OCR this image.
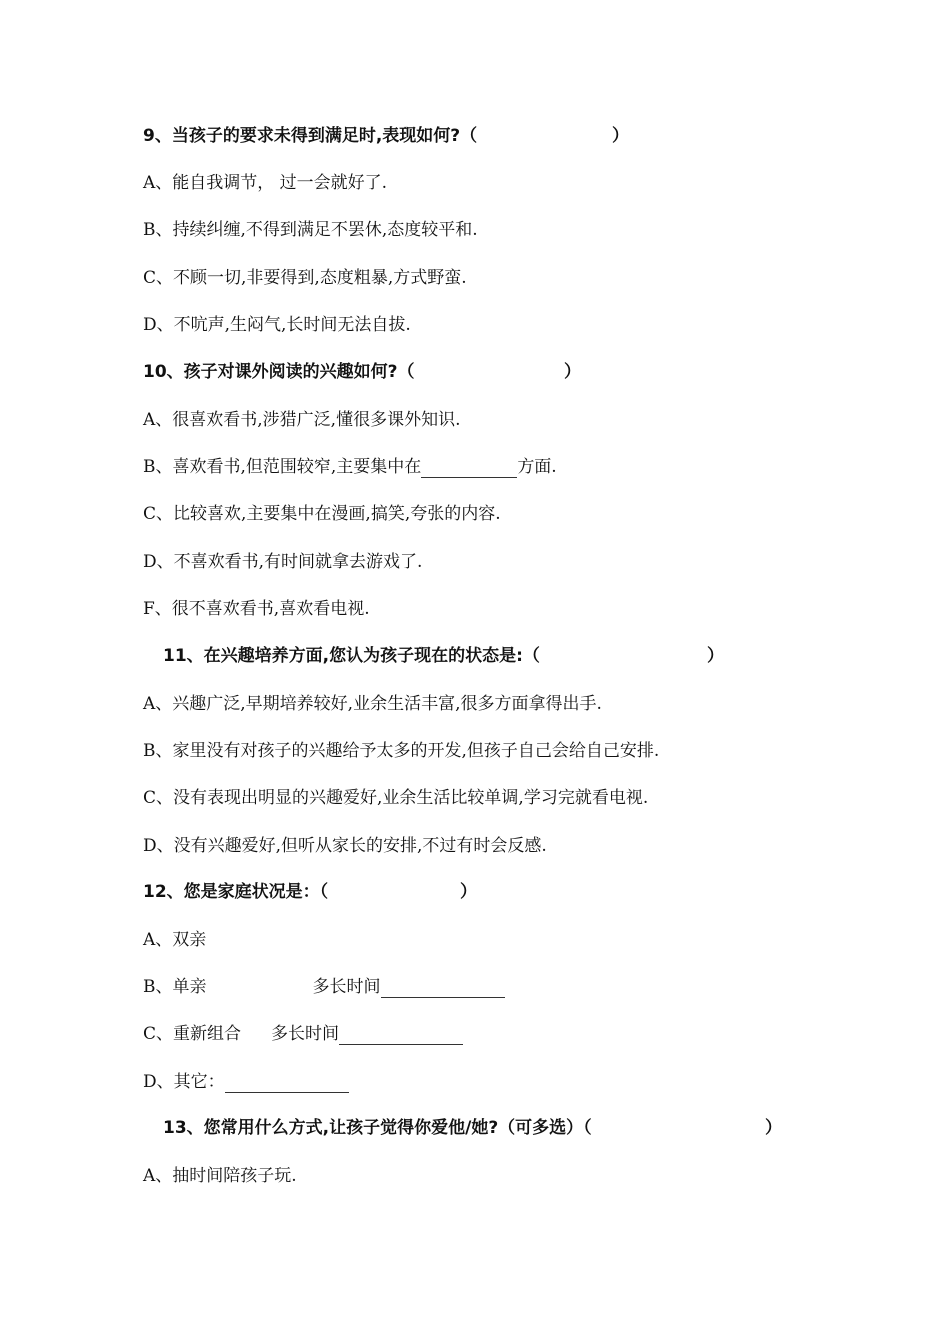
9、当孩子的要求未得到满足时,表现如何?（	）
A、能自我调节， 过一会就好了.
B、持续纠缠,不得到满足不罢休,态度较平和.
C、不顾一切,非要得到,态度粗暴,方式野蛮.
D、不吭声,生闷气,长时间无法自拔.
10、孩子对课外阅读的兴趣如何?（	）
A、很喜欢看书,涉猎广泛,懂很多课外知识.
B、喜欢看书,但范围较窄,主要集中在	方面.
C、比较喜欢,主要集中在漫画,搞笑,夸张的内容.
D、不喜欢看书,有时间就拿去游戏了.
F、很不喜欢看书,喜欢看电视.
11、在兴趣培养方面,您认为孩子现在的状态是:（	）
A、兴趣广泛,早期培养较好,业余生活丰富,很多方面拿得出手.
B、家里没有对孩子的兴趣给予太多的开发,但孩子自己会给自己安排.
C、没有表现出明显的兴趣爱好,业余生活比较单调,学习完就看电视.
D、没有兴趣爱好,但听从家长的安排,不过有时会反感.
12、您是家庭状况是：（	）
A、双亲
B、单亲	多长时间
C、重新组合 多长时间
D、其它：
13、您常用什么方式,让孩子觉得你爱他/她?（可多选）（	）
A、抽时间陪孩子玩.
